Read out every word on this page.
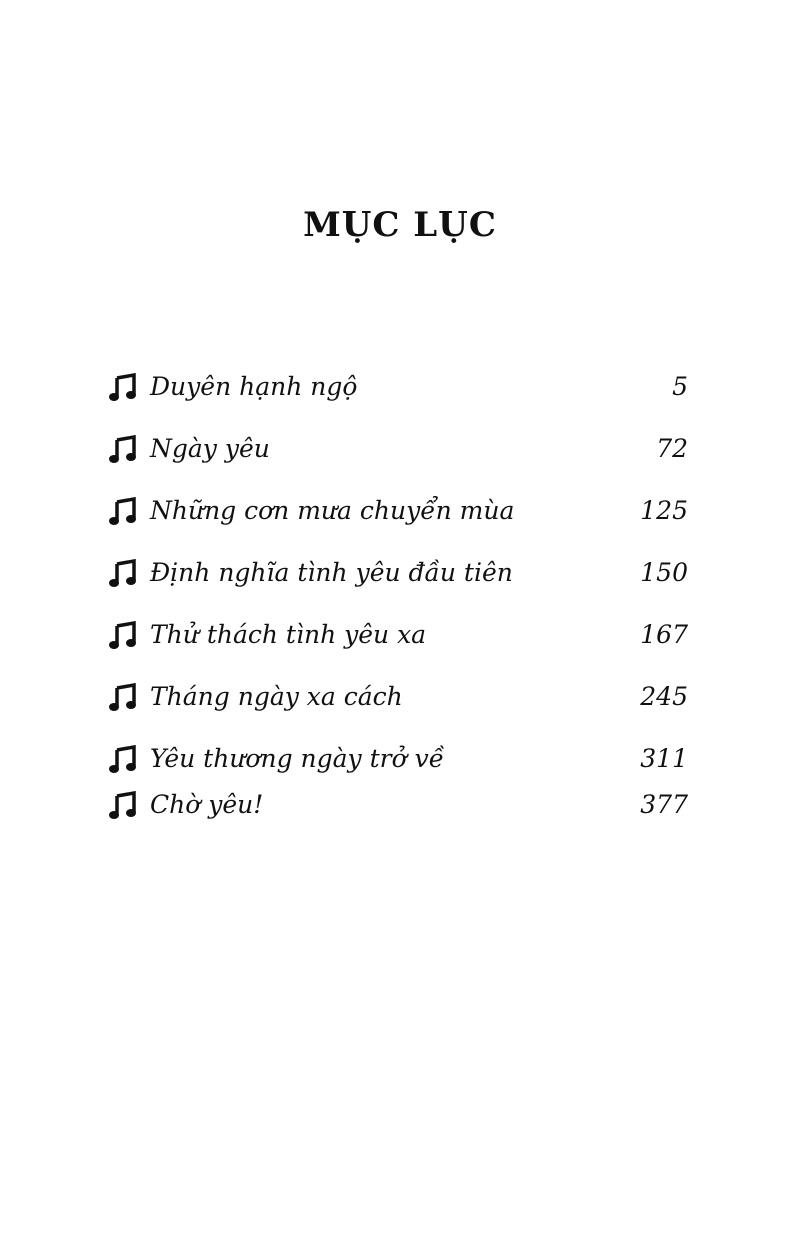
MỤC LỤC
Duyên hạnh ngộ	5
Ngày yêu	72
Những cơn mưa chuyển mùa	125
Định nghĩa tình yêu đầu tiên	150
Thử thách tình yêu xa	167
Tháng ngày xa cách	245
Yêu thương ngày trở về	311
Chờ yêu!	377
